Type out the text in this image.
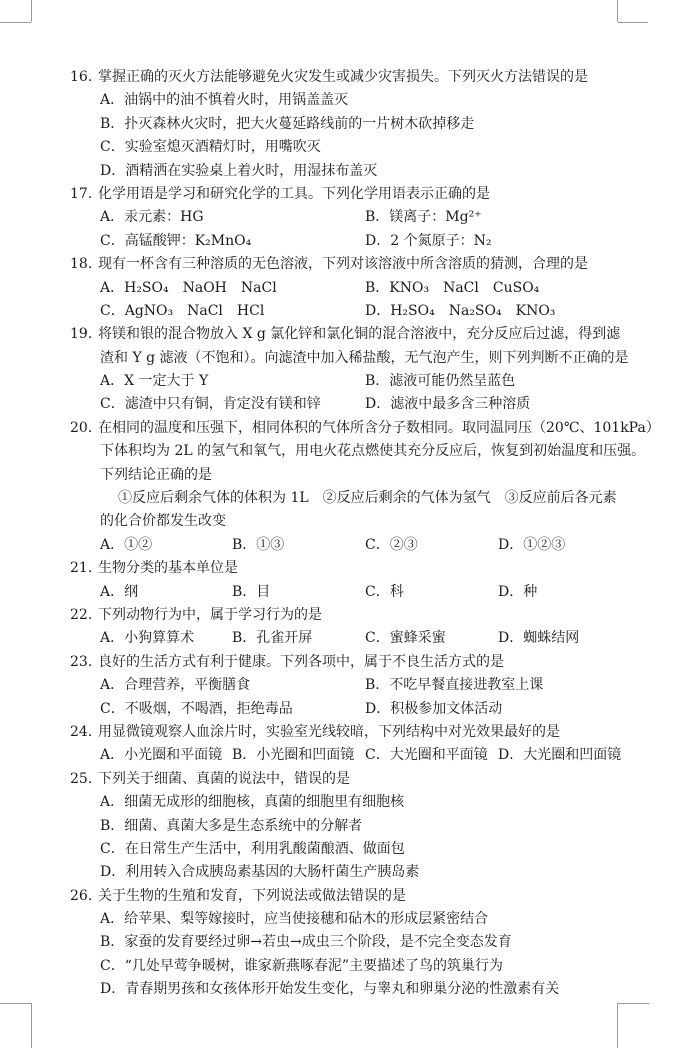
16. 掌握正确的灭火方法能够避免火灾发生或减少灾害损失。下列灭火方法错误的是
A．油锅中的油不慎着火时，用锅盖盖灭
B．扑灭森林火灾时，把大火蔓延路线前的一片树木砍掉移走
C．实验室熄灭酒精灯时，用嘴吹灭
D．酒精洒在实验桌上着火时，用湿抹布盖灭
17. 化学用语是学习和研究化学的工具。下列化学用语表示正确的是
A．汞元素：HG	B．镁离子：Mg²⁺
C．高锰酸钾：K₂MnO₄	D．2 个氮原子：N₂
18. 现有一杯含有三种溶质的无色溶液，下列对该溶液中所含溶质的猜测，合理的是
A．H₂SO₄　NaOH　NaCl	B．KNO₃　NaCl　CuSO₄
C．AgNO₃　NaCl　HCl	D．H₂SO₄　Na₂SO₄　KNO₃
19. 将镁和银的混合物放入 X g 氯化锌和氯化铜的混合溶液中，充分反应后过滤，得到滤
渣和 Y g 滤液（不饱和）。向滤渣中加入稀盐酸，无气泡产生，则下列判断不正确的是
A．X 一定大于 Y	B．滤液可能仍然呈蓝色
C．滤渣中只有铜，肯定没有镁和锌	D．滤液中最多含三种溶质
20. 在相同的温度和压强下，相同体积的气体所含分子数相同。取同温同压（20℃、101kPa）
下体积均为 2L 的氢气和氧气，用电火花点燃使其充分反应后，恢复到初始温度和压强。
下列结论正确的是
①反应后剩余气体的体积为 1L　②反应后剩余的气体为氢气　③反应前后各元素
的化合价都发生改变
A．①②	B．①③	C．②③	D．①②③
21. 生物分类的基本单位是
A．纲	B．目	C．科	D．种
22. 下列动物行为中，属于学习行为的是
A．小狗算算术	B．孔雀开屏	C．蜜蜂采蜜	D．蜘蛛结网
23. 良好的生活方式有利于健康。下列各项中，属于不良生活方式的是
A．合理营养，平衡膳食	B．不吃早餐直接进教室上课
C．不吸烟，不喝酒，拒绝毒品	D．积极参加文体活动
24. 用显微镜观察人血涂片时，实验室光线较暗，下列结构中对光效果最好的是
A．小光圈和平面镜 B．小光圈和凹面镜 C．大光圈和平面镜 D．大光圈和凹面镜
25. 下列关于细菌、真菌的说法中，错误的是
A．细菌无成形的细胞核，真菌的细胞里有细胞核
B．细菌、真菌大多是生态系统中的分解者
C．在日常生产生活中，利用乳酸菌酿酒、做面包
D．利用转入合成胰岛素基因的大肠杆菌生产胰岛素
26. 关于生物的生殖和发育，下列说法或做法错误的是
A．给苹果、梨等嫁接时，应当使接穗和砧木的形成层紧密结合
B．家蚕的发育要经过卵→若虫→成虫三个阶段，是不完全变态发育
C．“几处早莺争暖树，谁家新燕啄春泥”主要描述了鸟的筑巢行为
D．青春期男孩和女孩体形开始发生变化，与睾丸和卵巢分泌的性激素有关
